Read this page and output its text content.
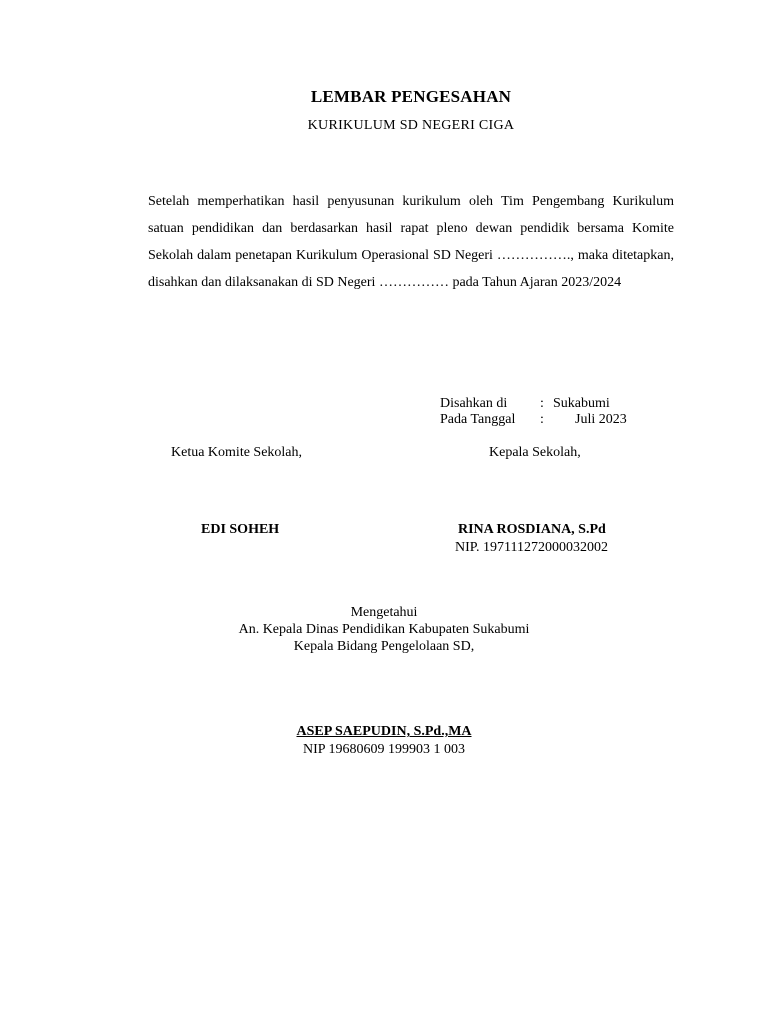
LEMBAR PENGESAHAN
KURIKULUM SD NEGERI CIGA
Setelah memperhatikan hasil penyusunan kurikulum oleh Tim Pengembang Kurikulum satuan pendidikan dan berdasarkan hasil rapat pleno dewan pendidik bersama Komite Sekolah dalam penetapan Kurikulum Operasional SD Negeri ……………., maka ditetapkan, disahkan dan dilaksanakan di SD Negeri …………… pada Tahun Ajaran 2023/2024
Disahkan di : Sukabumi
Pada Tanggal : Juli 2023
Ketua Komite Sekolah,	Kepala Sekolah,
EDI SOHEH	RINA ROSDIANA, S.Pd
NIP. 197111272000032002
Mengetahui
An. Kepala Dinas Pendidikan Kabupaten Sukabumi
Kepala Bidang Pengelolaan SD,
ASEP SAEPUDIN, S.Pd.,MA
NIP 19680609 199903 1 003
